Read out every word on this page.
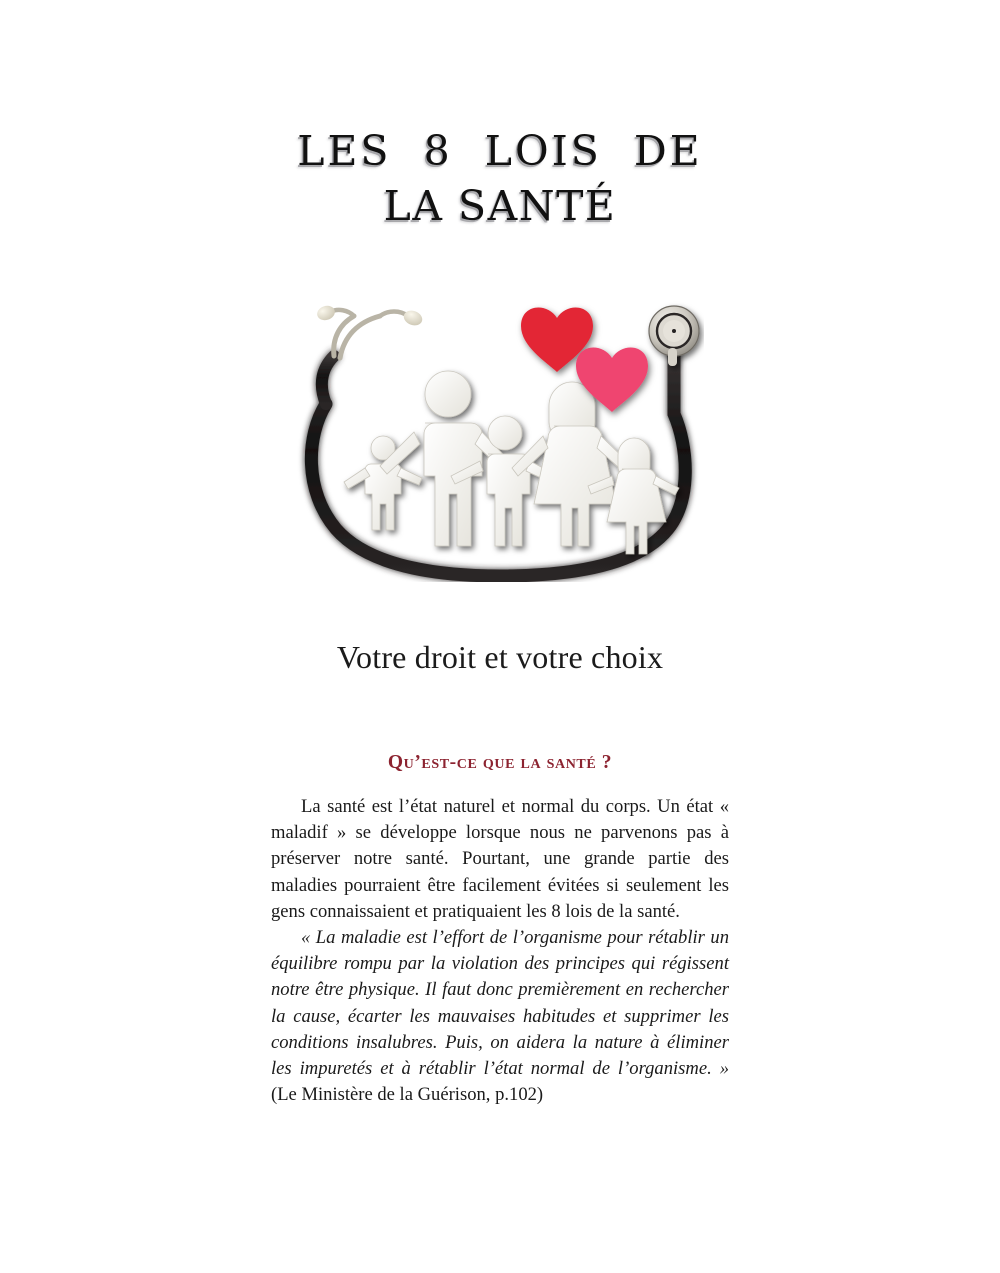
LES  8  LOIS  DE
LA SANTÉ
Votre droit et votre choix
Qu’est-ce que la santé ?

La santé est l’état naturel et normal du corps. Un état « maladif » se développe lorsque nous ne parvenons pas à préserver notre santé. Pourtant, une grande partie des maladies pourraient être facilement évitées si seulement les gens connaissaient et pratiquaient les 8 lois de la santé.

« La maladie est l’effort de l’organisme pour rétablir un équilibre rompu par la violation des principes qui régissent notre être physique. Il faut donc premièrement en rechercher la cause, écarter les mauvaises habitudes et supprimer les conditions insalubres. Puis, on aidera la nature à éliminer les impuretés et à rétablir l’état normal de l’organisme. » (Le Ministère de la Guérison, p.102)
